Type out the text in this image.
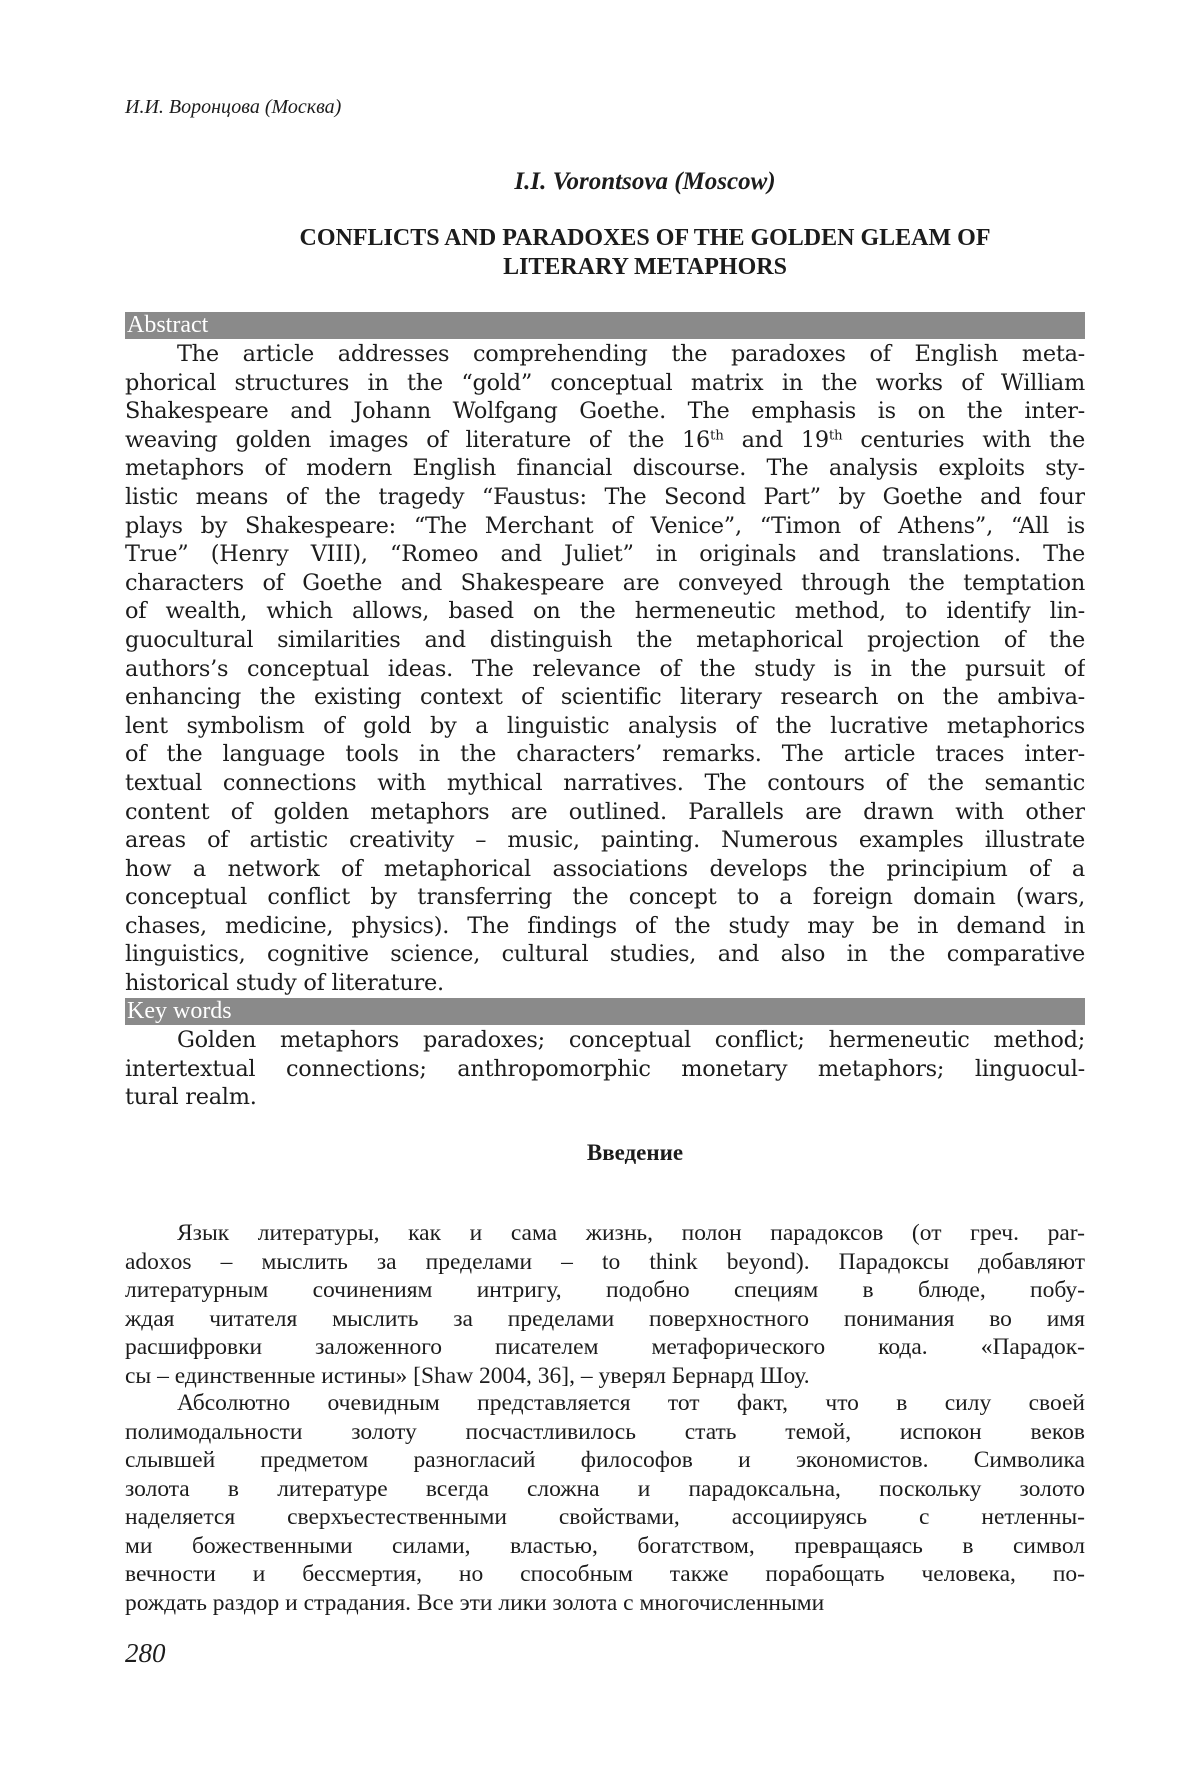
И.И. Воронцова (Москва)
I.I. Vorontsova (Moscow)
CONFLICTS AND PARADOXES OF THE GOLDEN GLEAM OF
LITERARY METAPHORS
Abstract
The article addresses comprehending the paradoxes of English meta-
phorical structures in the “gold” conceptual matrix in the works of William
Shakespeare and Johann Wolfgang Goethe. The emphasis is on the inter-
weaving golden images of literature of the 16th and 19th centuries with the
metaphors of modern English financial discourse. The analysis exploits sty-
listic means of the tragedy “Faustus: The Second Part” by Goethe and four
plays by Shakespeare: “The Merchant of Venice”, “Timon of Athens”, “All is
True” (Henry VIII), “Romeo and Juliet” in originals and translations. The
characters of Goethe and Shakespeare are conveyed through the temptation
of wealth, which allows, based on the hermeneutic method, to identify lin-
guocultural similarities and distinguish the metaphorical projection of the
authors’s conceptual ideas. The relevance of the study is in the pursuit of
enhancing the existing context of scientific literary research on the ambiva-
lent symbolism of gold by a linguistic analysis of the lucrative metaphorics
of the language tools in the characters’ remarks. The article traces inter-
textual connections with mythical narratives. The contours of the semantic
content of golden metaphors are outlined. Parallels are drawn with other
areas of artistic creativity – music, painting. Numerous examples illustrate
how a network of metaphorical associations develops the principium of a
conceptual conflict by transferring the concept to a foreign domain (wars,
chases, medicine, physics). The findings of the study may be in demand in
linguistics, cognitive science, cultural studies, and also in the comparative
historical study of literature.
Key words
Golden metaphors paradoxes; conceptual conflict; hermeneutic method;
intertextual connections; anthropomorphic monetary metaphors; linguocul-
tural realm.
Введение
Язык литературы, как и сама жизнь, полон парадоксов (от греч. par-
adoxos – мыслить за пределами – to think beyond). Парадоксы добавляют
литературным сочинениям интригу, подобно специям в блюде, побу-
ждая читателя мыслить за пределами поверхностного понимания во имя
расшифровки заложенного писателем метафорического кода. «Парадок-
сы – единственные истины» [Shaw 2004, 36], – уверял Бернард Шоу.
Абсолютно очевидным представляется тот факт, что в силу своей
полимодальности золоту посчастливилось стать темой, испокон веков
слывшей предметом разногласий философов и экономистов. Символика
золота в литературе всегда сложна и парадоксальна, поскольку золото
наделяется сверхъестественными свойствами, ассоциируясь с нетленны-
ми божественными силами, властью, богатством, превращаясь в символ
вечности и бессмертия, но способным также порабощать человека, по-
рождать раздор и страдания. Все эти лики золота с многочисленными
280
